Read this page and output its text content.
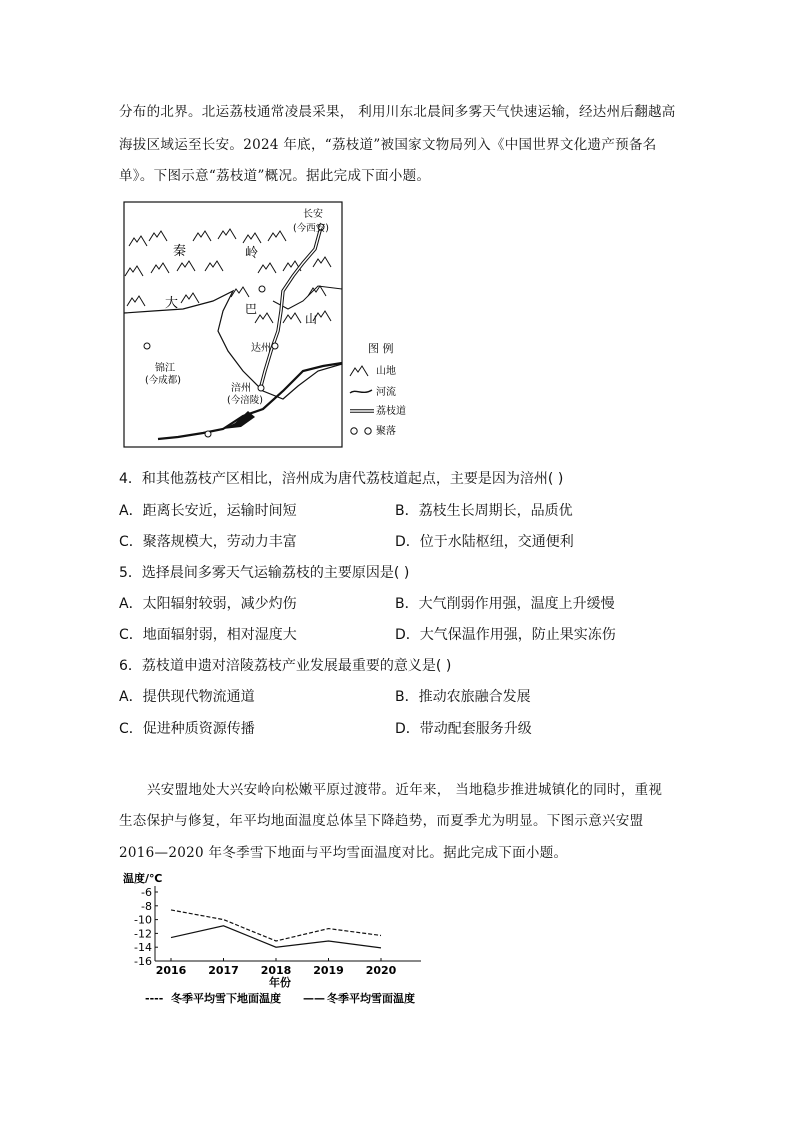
分布的北界。北运荔枝通常凌晨采果， 利用川东北晨间多雾天气快速运输，经达州后翻越高
海拔区域运至长安。2024 年底，“荔枝道”被国家文物局列入《中国世界文化遗产预备名
单》。下图示意“荔枝道”概况。据此完成下面小题。
长安
(今西安)
秦	岭
大	巴
山
达州
锦江
(今成都)
涪州
(今涪陵)
图 例
山地
河流
荔枝道
聚落
4．和其他荔枝产区相比，涪州成为唐代荔枝道起点，主要是因为涪州( )
A．距离长安近，运输时间短	B．荔枝生长周期长，品质优
C．聚落规模大，劳动力丰富	D．位于水陆枢纽，交通便利
5．选择晨间多雾天气运输荔枝的主要原因是( )
A．太阳辐射较弱，减少灼伤	B．大气削弱作用强，温度上升缓慢
C．地面辐射弱，相对湿度大	D．大气保温作用强，防止果实冻伤
6．荔枝道申遗对涪陵荔枝产业发展最重要的意义是( )
A．提供现代物流通道	B．推动农旅融合发展
C．促进种质资源传播	D．带动配套服务升级
兴安盟地处大兴安岭向松嫩平原过渡带。近年来， 当地稳步推进城镇化的同时，重视
生态保护与修复，年平均地面温度总体呈下降趋势，而夏季尤为明显。下图示意兴安盟
2016—2020 年冬季雪下地面与平均雪面温度对比。据此完成下面小题。
温度/℃
-6
-8
-10
-12
-14
-16
2016 2017 2018 2019 2020
年份
---- 冬季平均雪下地面温度 —— 冬季平均雪面温度
